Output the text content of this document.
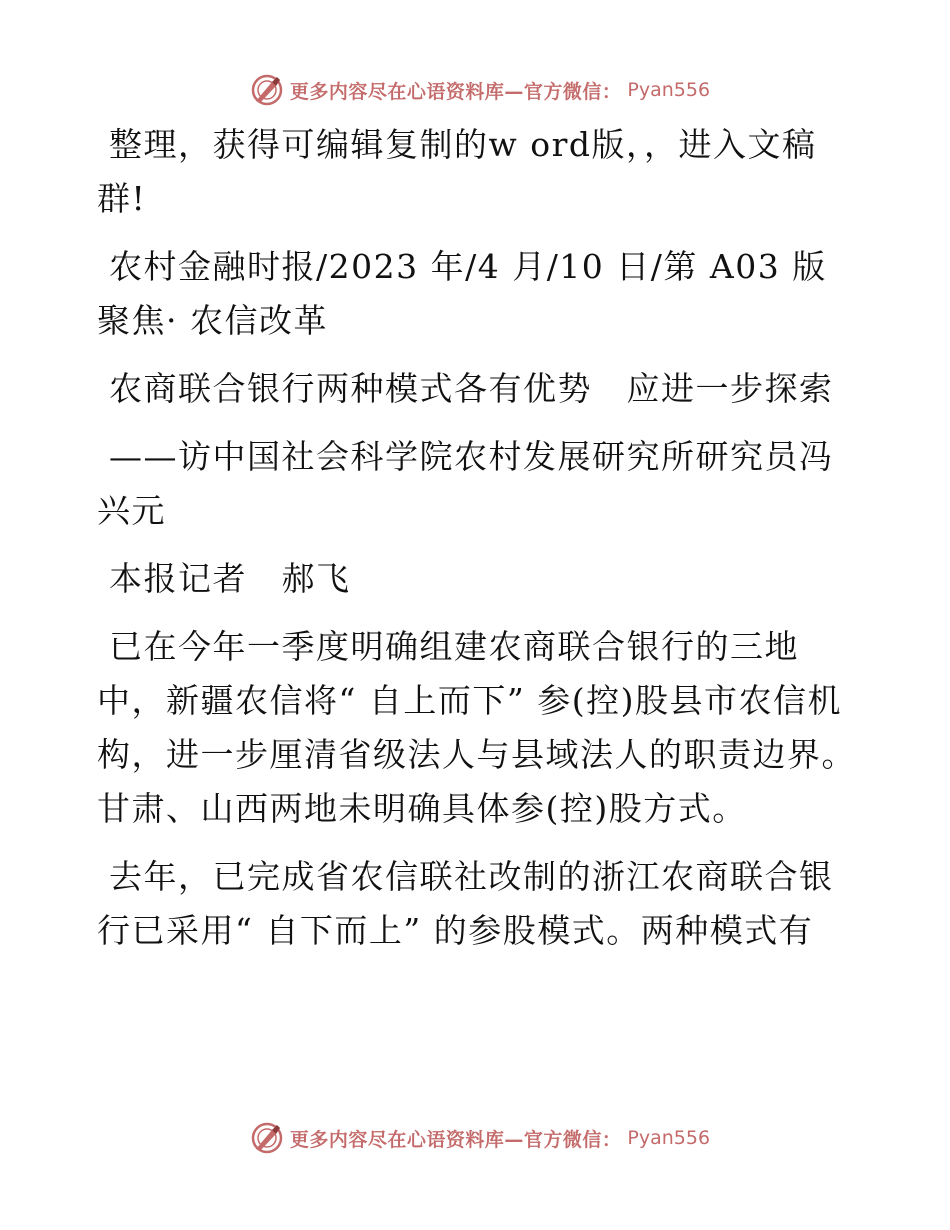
更多内容尽在心语资料库—官方微信： Pyan556

整理，获得可编辑复制的w ord版，，进入文稿群!

农村金融时报/2023 年/4 月/10 日/第 A03 版聚焦· 农信改革

农商联合银行两种模式各有优势　应进一步探索

——访中国社会科学院农村发展研究所研究员冯兴元

本报记者　郝飞

已在今年一季度明确组建农商联合银行的三地中，新疆农信将“ 自上而下” 参(控)股县市农信机构，进一步厘清省级法人与县域法人的职责边界。甘肃、山西两地未明确具体参(控)股方式。

去年，已完成省农信联社改制的浙江农商联合银行已采用“ 自下而上” 的参股模式。两种模式有

更多内容尽在心语资料库—官方微信： Pyan556
